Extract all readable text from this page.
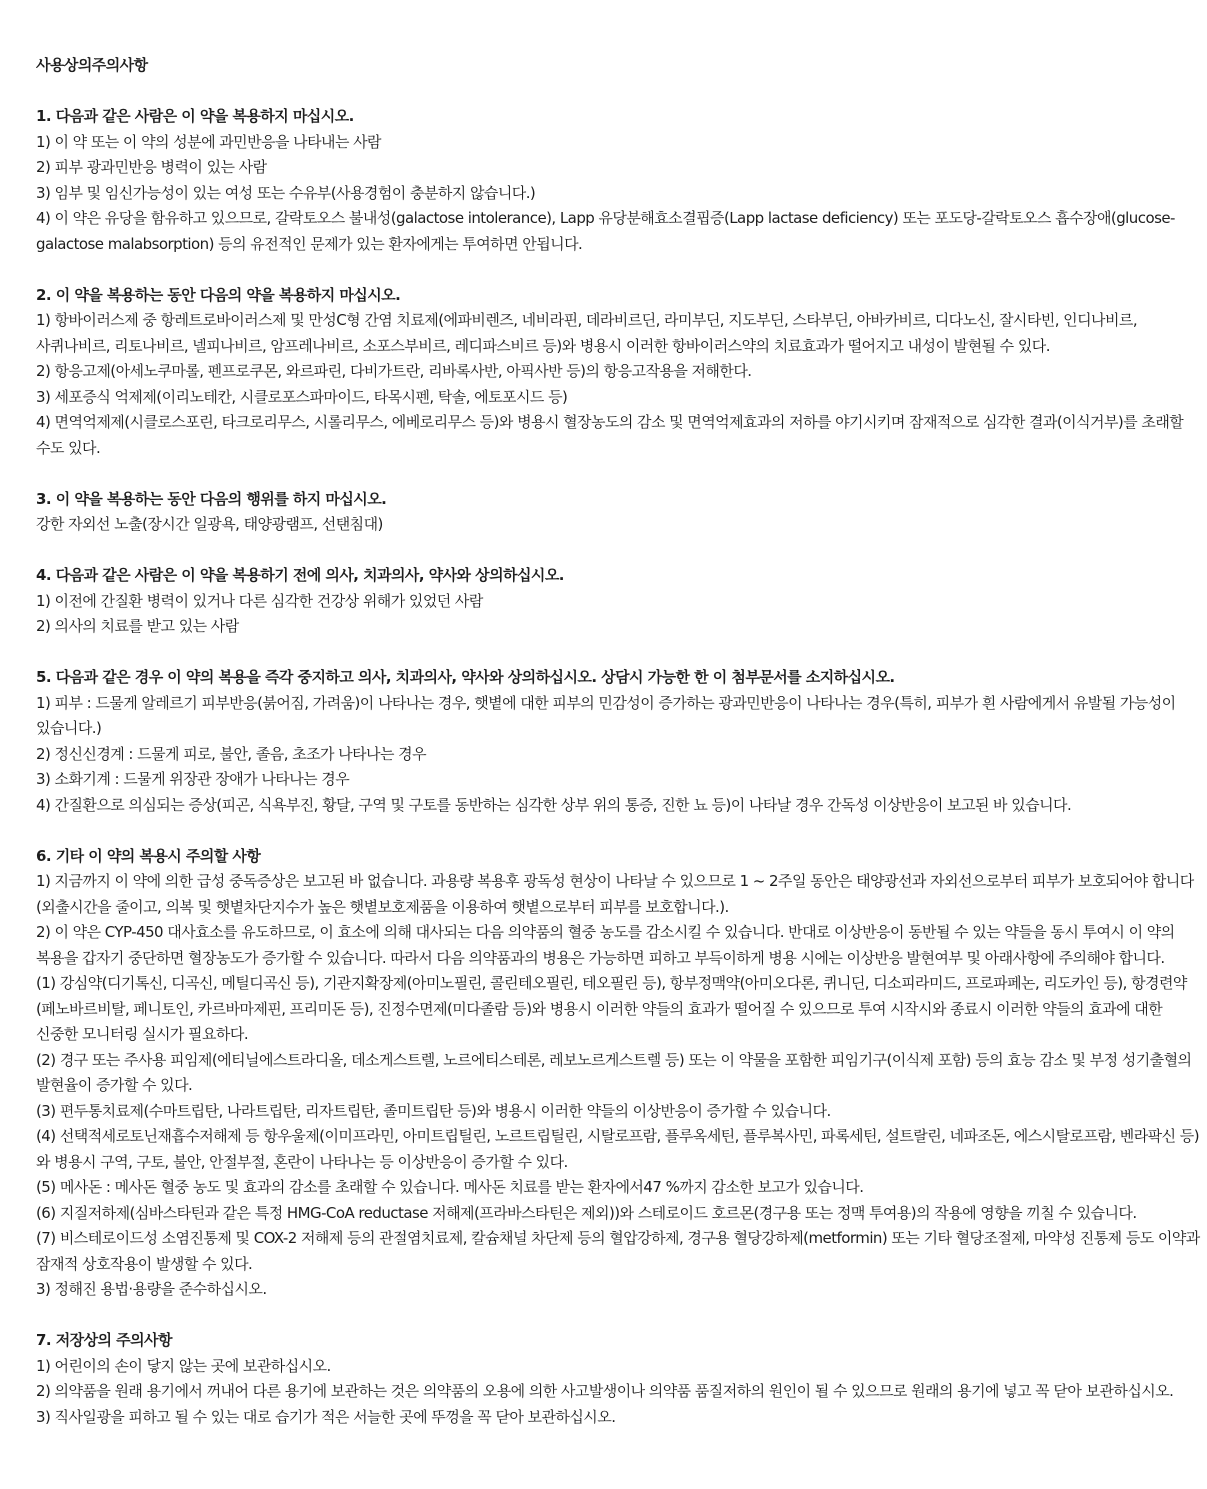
사용상의주의사항
1. 다음과 같은 사람은 이 약을 복용하지 마십시오.
1) 이 약 또는 이 약의 성분에 과민반응을 나타내는 사람
2) 피부 광과민반응 병력이 있는 사람
3) 임부 및 임신가능성이 있는 여성 또는 수유부(사용경험이 충분하지 않습니다.)
4) 이 약은 유당을 함유하고 있으므로, 갈락토오스 불내성(galactose intolerance), Lapp 유당분해효소결핍증(Lapp lactase deficiency) 또는 포도당-갈락토오스 흡수장애(glucose-galactose malabsorption) 등의 유전적인 문제가 있는 환자에게는 투여하면 안됩니다.
2. 이 약을 복용하는 동안 다음의 약을 복용하지 마십시오.
1) 항바이러스제 중 항레트로바이러스제 및 만성C형 간염 치료제(에파비렌즈, 네비라핀, 데라비르딘, 라미부딘, 지도부딘, 스타부딘, 아바카비르, 디다노신, 잘시타빈, 인디나비르, 사퀴나비르, 리토나비르, 넬피나비르, 암프레나비르, 소포스부비르, 레디파스비르 등)와 병용시 이러한 항바이러스약의 치료효과가 떨어지고 내성이 발현될 수 있다.
2) 항응고제(아세노쿠마롤, 펜프로쿠몬, 와르파린, 다비가트란, 리바록사반, 아픽사반 등)의 항응고작용을 저해한다.
3) 세포증식 억제제(이리노테칸, 시클로포스파마이드, 타목시펜, 탁솔, 에토포시드 등)
4) 면역억제제(시클로스포린, 타크로리무스, 시롤리무스, 에베로리무스 등)와 병용시 혈장농도의 감소 및 면역억제효과의 저하를 야기시키며 잠재적으로 심각한 결과(이식거부)를 초래할 수도 있다.
3. 이 약을 복용하는 동안 다음의 행위를 하지 마십시오.
강한 자외선 노출(장시간 일광욕, 태양광램프, 선탠침대)
4. 다음과 같은 사람은 이 약을 복용하기 전에 의사, 치과의사, 약사와 상의하십시오.
1) 이전에 간질환 병력이 있거나 다른 심각한 건강상 위해가 있었던 사람
2) 의사의 치료를 받고 있는 사람
5. 다음과 같은 경우 이 약의 복용을 즉각 중지하고 의사, 치과의사, 약사와 상의하십시오. 상담시 가능한 한 이 첨부문서를 소지하십시오.
1) 피부 : 드물게 알레르기 피부반응(붉어짐, 가려움)이 나타나는 경우, 햇볕에 대한 피부의 민감성이 증가하는 광과민반응이 나타나는 경우(특히, 피부가 흰 사람에게서 유발될 가능성이 있습니다.)
2) 정신신경계 : 드물게 피로, 불안, 졸음, 초조가 나타나는 경우
3) 소화기계 : 드물게 위장관 장애가 나타나는 경우
4) 간질환으로 의심되는 증상(피곤, 식욕부진, 황달, 구역 및 구토를 동반하는 심각한 상부 위의 통증, 진한 뇨 등)이 나타날 경우 간독성 이상반응이 보고된 바 있습니다.
6. 기타 이 약의 복용시 주의할 사항
1) 지금까지 이 약에 의한 급성 중독증상은 보고된 바 없습니다. 과용량 복용후 광독성 현상이 나타날 수 있으므로 1 ~ 2주일 동안은 태양광선과 자외선으로부터 피부가 보호되어야 합니다 (외출시간을 줄이고, 의복 및 햇볕차단지수가 높은 햇볕보호제품을 이용하여 햇볕으로부터 피부를 보호합니다.).
2) 이 약은 CYP-450 대사효소를 유도하므로, 이 효소에 의해 대사되는 다음 의약품의 혈중 농도를 감소시킬 수 있습니다. 반대로 이상반응이 동반될 수 있는 약들을 동시 투여시 이 약의 복용을 갑자기 중단하면 혈장농도가 증가할 수 있습니다. 따라서 다음 의약품과의 병용은 가능하면 피하고 부득이하게 병용 시에는 이상반응 발현여부 및 아래사항에 주의해야 합니다.
(1) 강심약(디기톡신, 디곡신, 메틸디곡신 등), 기관지확장제(아미노필린, 콜린테오필린, 테오필린 등), 항부정맥약(아미오다론, 퀴니딘, 디소피라미드, 프로파페논, 리도카인 등), 항경련약(페노바르비탈, 페니토인, 카르바마제핀, 프리미돈 등), 진정수면제(미다졸람 등)와 병용시 이러한 약들의 효과가 떨어질 수 있으므로 투여 시작시와 종료시 이러한 약들의 효과에 대한 신중한 모니터링 실시가 필요하다.
(2) 경구 또는 주사용 피임제(에티닐에스트라디올, 데소게스트렐, 노르에티스테론, 레보노르게스트렐 등) 또는 이 약물을 포함한 피임기구(이식제 포함) 등의 효능 감소 및 부정 성기출혈의 발현율이 증가할 수 있다.
(3) 편두통치료제(수마트립탄, 나라트립탄, 리자트립탄, 졸미트립탄 등)와 병용시 이러한 약들의 이상반응이 증가할 수 있습니다.
(4) 선택적세로토닌재흡수저해제 등 항우울제(이미프라민, 아미트립틸린, 노르트립틸린, 시탈로프람, 플루옥세틴, 플루복사민, 파록세틴, 설트랄린, 네파조돈, 에스시탈로프람, 벤라팍신 등)와 병용시 구역, 구토, 불안, 안절부절, 혼란이 나타나는 등 이상반응이 증가할 수 있다.
(5) 메사돈 : 메사돈 혈중 농도 및 효과의 감소를 초래할 수 있습니다. 메사돈 치료를 받는 환자에서47 %까지 감소한 보고가 있습니다.
(6) 지질저하제(심바스타틴과 같은 특정 HMG-CoA reductase 저해제(프라바스타틴은 제외))와 스테로이드 호르몬(경구용 또는 정맥 투여용)의 작용에 영향을 끼칠 수 있습니다.
(7) 비스테로이드성 소염진통제 및 COX-2 저해제 등의 관절염치료제, 칼슘채널 차단제 등의 혈압강하제, 경구용 혈당강하제(metformin) 또는 기타 혈당조절제, 마약성 진통제 등도 이약과 잠재적 상호작용이 발생할 수 있다.
3) 정해진 용법·용량을 준수하십시오.
7. 저장상의 주의사항
1) 어린이의 손이 닿지 않는 곳에 보관하십시오.
2) 의약품을 원래 용기에서 꺼내어 다른 용기에 보관하는 것은 의약품의 오용에 의한 사고발생이나 의약품 품질저하의 원인이 될 수 있으므로 원래의 용기에 넣고 꼭 닫아 보관하십시오.
3) 직사일광을 피하고 될 수 있는 대로 습기가 적은 서늘한 곳에 뚜껑을 꼭 닫아 보관하십시오.
